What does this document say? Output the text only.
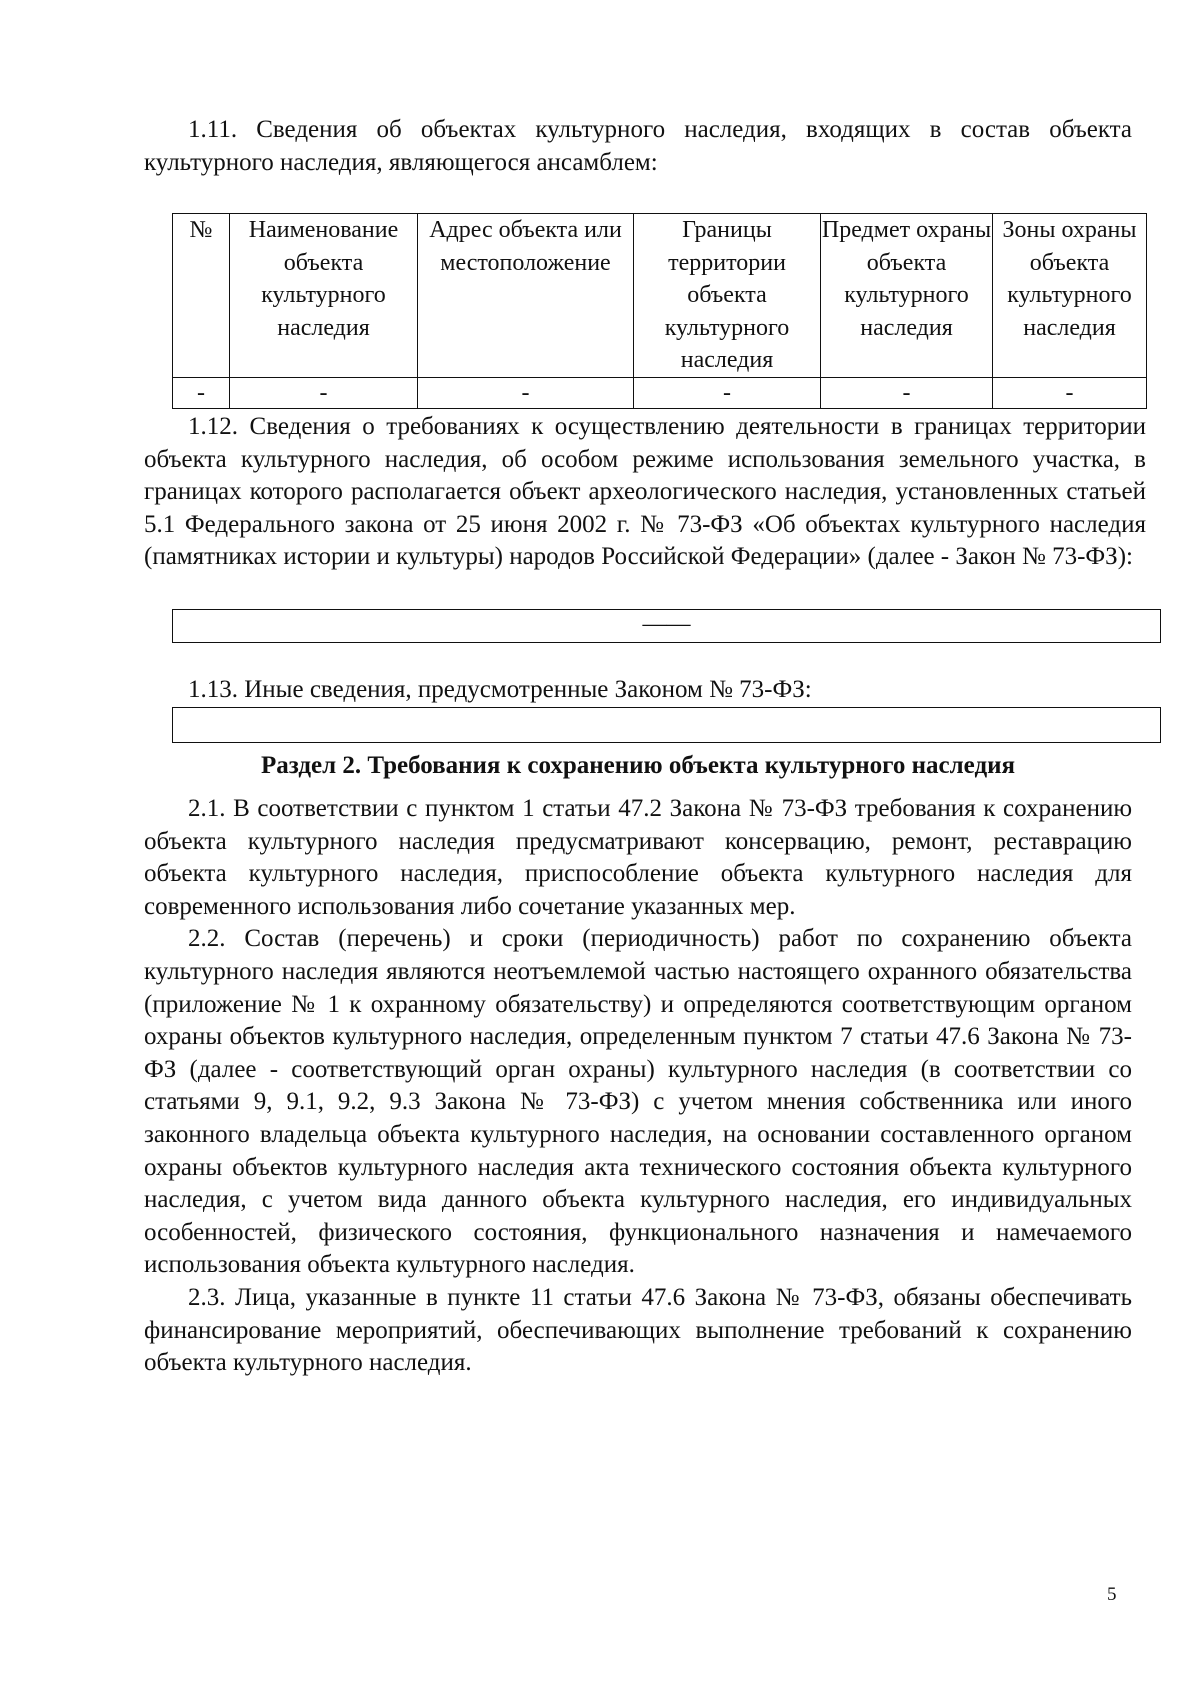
1.11. Сведения об объектах культурного наследия, входящих в состав объекта культурного наследия, являющегося ансамблем:

№	Наименование объекта культурного наследия	Адрес объекта или местоположение	Границы территории объекта культурного наследия	Предмет охраны объекта культурного наследия	Зоны охраны объекта культурного наследия
-	-	-	-	-	-

1.12. Сведения о требованиях к осуществлению деятельности в границах территории объекта культурного наследия, об особом режиме использования земельного участка, в границах которого располагается объект археологического наследия, установленных статьей 5.1 Федерального закона от 25 июня 2002 г. № 73-ФЗ «Об объектах культурного наследия (памятниках истории и культуры) народов Российской Федерации» (далее - Закон № 73-ФЗ):

——

1.13. Иные сведения, предусмотренные Законом № 73-ФЗ:

Раздел 2. Требования к сохранению объекта культурного наследия

2.1. В соответствии с пунктом 1 статьи 47.2 Закона № 73-ФЗ требования к сохранению объекта культурного наследия предусматривают консервацию, ремонт, реставрацию объекта культурного наследия, приспособление объекта культурного наследия для современного использования либо сочетание указанных мер.

2.2. Состав (перечень) и сроки (периодичность) работ по сохранению объекта культурного наследия являются неотъемлемой частью настоящего охранного обязательства (приложение № 1 к охранному обязательству) и определяются соответствующим органом охраны объектов культурного наследия, определенным пунктом 7 статьи 47.6 Закона № 73-ФЗ (далее - соответствующий орган охраны) культурного наследия (в соответствии со статьями 9, 9.1, 9.2, 9.3 Закона № 73-ФЗ) с учетом мнения собственника или иного законного владельца объекта культурного наследия, на основании составленного органом охраны объектов культурного наследия акта технического состояния объекта культурного наследия, с учетом вида данного объекта культурного наследия, его индивидуальных особенностей, физического состояния, функционального назначения и намечаемого использования объекта культурного наследия.

2.3. Лица, указанные в пункте 11 статьи 47.6 Закона № 73-ФЗ, обязаны обеспечивать финансирование мероприятий, обеспечивающих выполнение требований к сохранению объекта культурного наследия.

5
